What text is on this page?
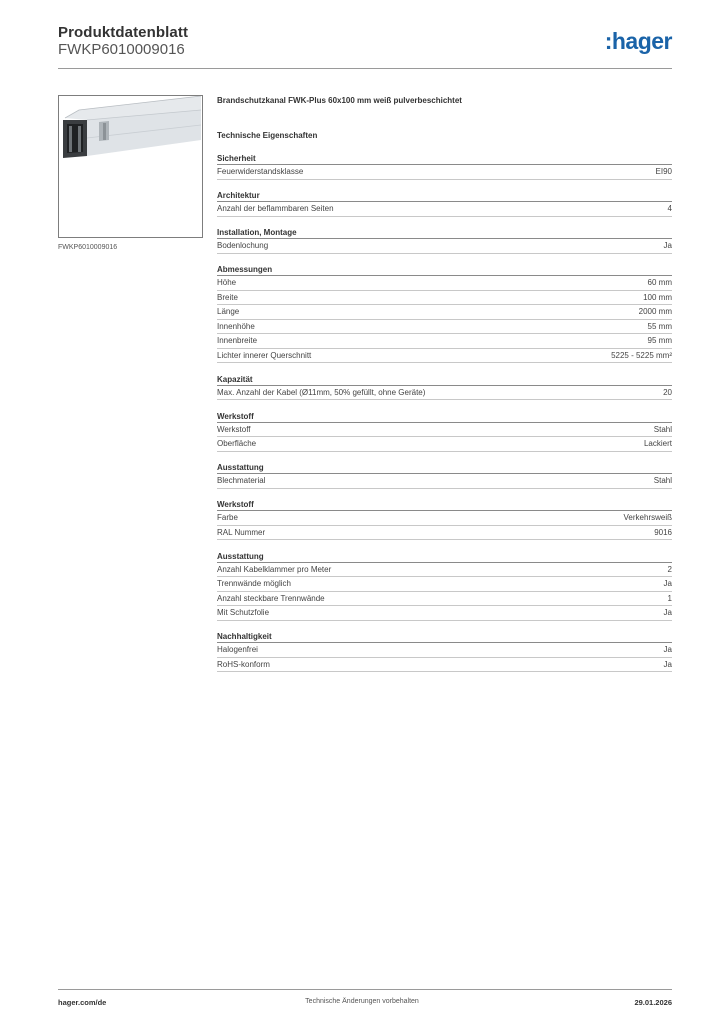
Produktdatenblatt
FWKP6010009016	:hager
FWKP6010009016
Brandschutzkanal FWK-Plus 60x100 mm weiß pulverbeschichtet
Technische Eigenschaften
Sicherheit
Feuerwiderstandsklasse	EI90
Architektur
Anzahl der beflammbaren Seiten	4
Installation, Montage
Bodenlochung	Ja
Abmessungen
Höhe	60 mm
Breite	100 mm
Länge	2000 mm
Innenhöhe	55 mm
Innenbreite	95 mm
Lichter innerer Querschnitt	5225 - 5225 mm²
Kapazität
Max. Anzahl der Kabel (Ø11mm, 50% gefüllt, ohne Geräte)	20
Werkstoff
Werkstoff	Stahl
Oberfläche	Lackiert
Ausstattung
Blechmaterial	Stahl
Werkstoff
Farbe	Verkehrsweiß
RAL Nummer	9016
Ausstattung
Anzahl Kabelklammer pro Meter	2
Trennwände möglich	Ja
Anzahl steckbare Trennwände	1
Mit Schutzfolie	Ja
Nachhaltigkeit
Halogenfrei	Ja
RoHS-konform	Ja
hager.com/de	Technische Änderungen vorbehalten	29.01.2026
